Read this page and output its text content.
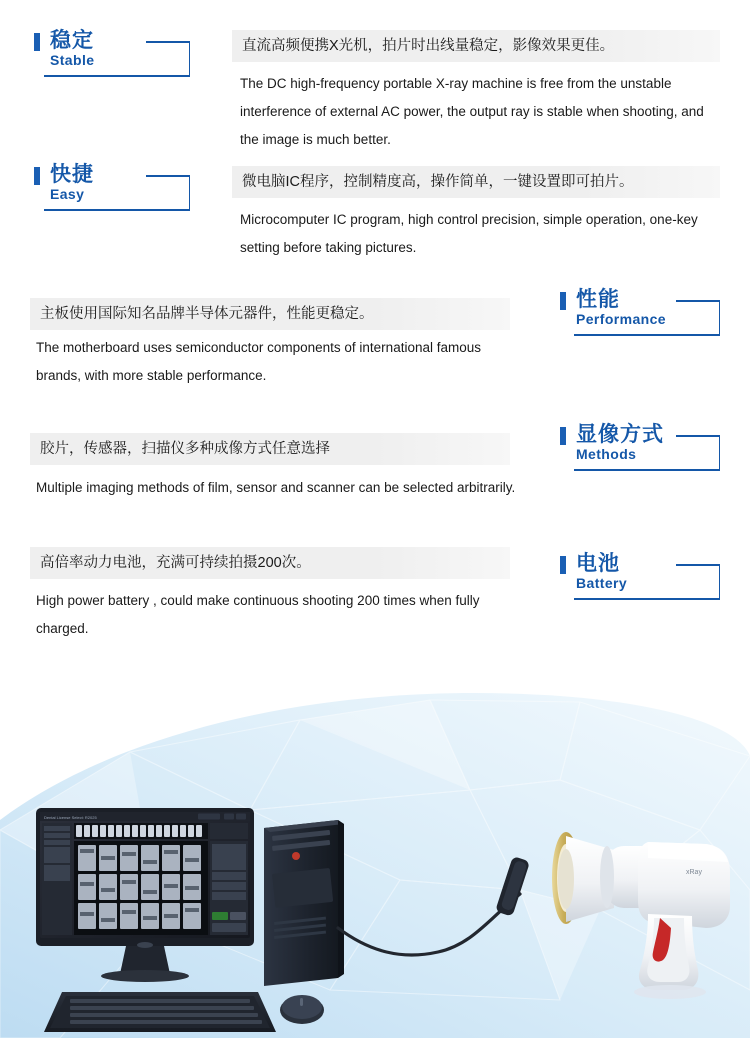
稳定
Stable
直流高频便携X光机，拍片时出线量稳定，影像效果更佳。
The DC high-frequency portable X-ray machine is free from the unstable interference of external AC power, the output ray is stable when shooting, and the image is much better.
快捷
Easy
微电脑IC程序，控制精度高，操作简单，一键设置即可拍片。
Microcomputer IC program, high control precision, simple operation, one-key setting before taking pictures.
性能
Performance
主板使用国际知名品牌半导体元器件，性能更稳定。
The motherboard uses semiconductor components of international famous brands, with more stable performance.
显像方式
Methods
胶片，传感器，扫描仪多种成像方式任意选择
Multiple imaging methods of film, sensor and scanner can be selected arbitrarily.
电池
Battery
高倍率动力电池，充满可持续拍摄200次。
High power battery , could make continuous shooting 200 times when fully charged.
Dental License Select: R2025
xRay
